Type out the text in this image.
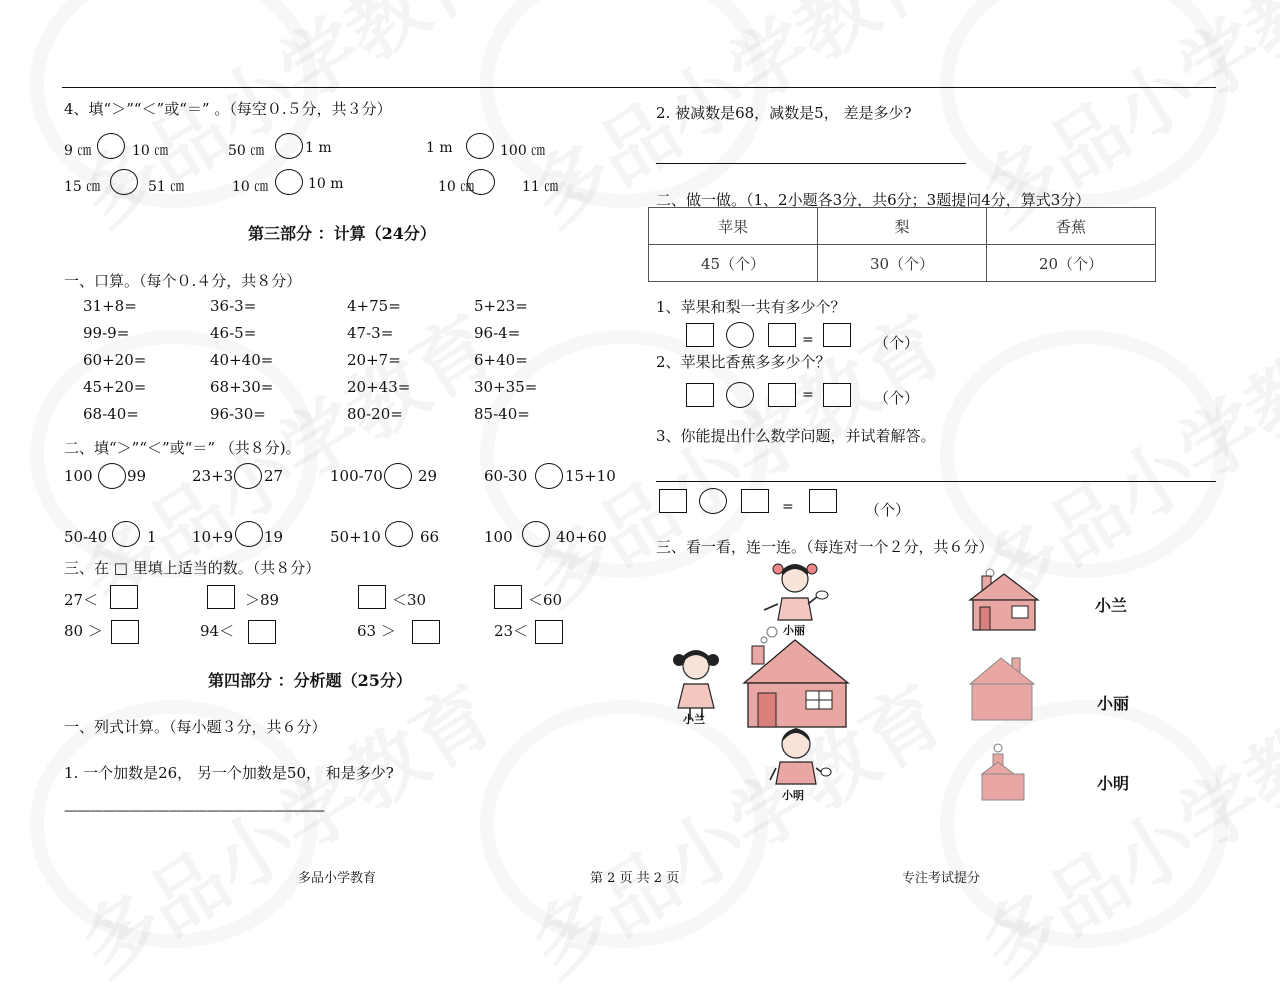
4、填“＞”“＜”或“＝” 。（每空０.５分，共３分）
9 ㎝	10 ㎝	50 ㎝	1 m	1 m	100 ㎝
15 ㎝	51 ㎝	10 ㎝	10 m	10 ㎝	11 ㎝
第三部分 ：计算（24分）
一、口算。（每个０.４分，共８分）
31+8=	36-3=	4+75=	5+23=
99-9=	46-5=	47-3=	96-4=
60+20=	40+40=	20+7=	6+40=
45+20=	68+30=	20+43=	30+35=
68-40=	96-30=	80-20=	85-40=
二、填“＞”“＜”或“＝” （共８分)。
100 99	23+3 27	100-70 29	60-30	15+10
50-40	1 10+9 19	50+10	66	100	40+60
三、在 □ 里填上适当的数。（共８分）
27＜	＞89	＜30	＜60
80 ＞	94＜	63 ＞	23＜
第四部分 ：分析题（25分）
一、列式计算。（每小题３分，共６分）
1. 一个加数是26， 另一个加数是50， 和是多少?
————————————————————
2. 被减数是68，减数是5， 差是多少?
二、做一做。（1、2小题各3分，共6分；3题提问4分，算式3分）
苹果	梨	香蕉
45（个）	30（个）	20（个）
1、苹果和梨一共有多少个？
=	（个）
2、苹果比香蕉多多少个？
=	（个）
3、你能提出什么数学问题，并试着解答。
=	（个）
三、看一看，连一连。（每连对一个２分，共６分）
小丽
小兰
小明
小兰
小丽
小明
多品小学教育	第 2 页 共 2 页	专注考试提分
